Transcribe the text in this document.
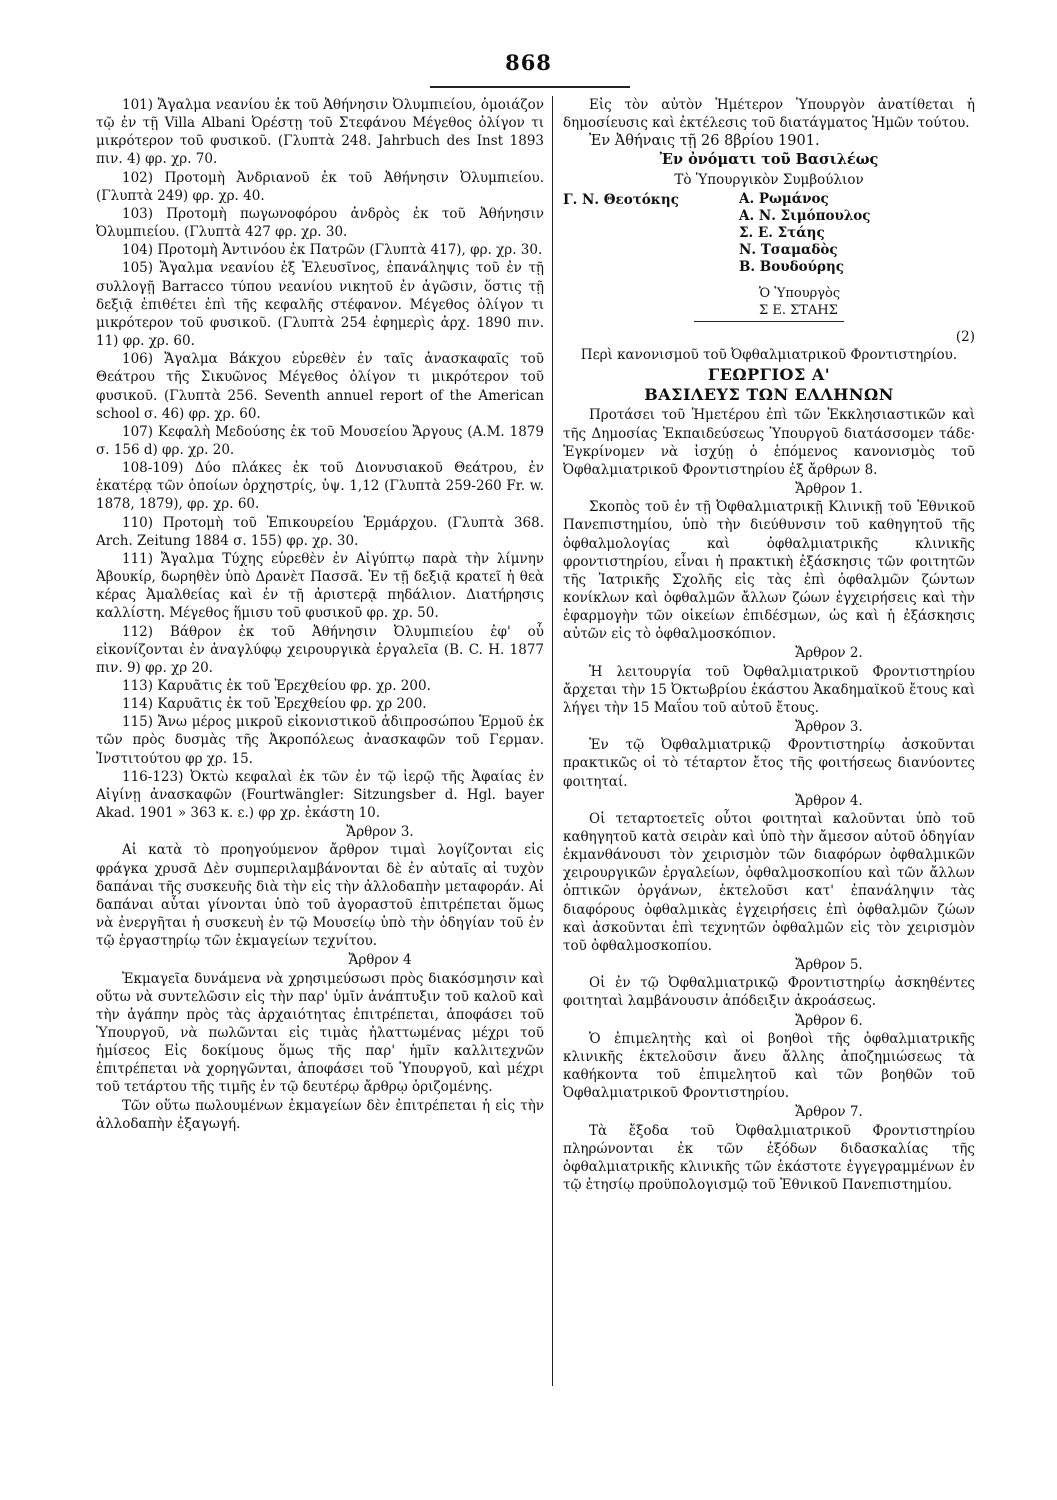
868

101) Ἄγαλμα νεανίου ἐκ τοῦ Ἀθήνησιν Ὀλυμπιείου, ὁμοιάζον τῷ ἐν τῇ Villa Albani Ὀρέστῃ τοῦ Στεφάνου Μέγεθος ὀλίγον τι μικρότερον τοῦ φυσικοῦ. (Γλυπτὰ 248. Jahrbuch des Inst 1893 πιν. 4) φρ. χρ. 70.

102) Προτομὴ Ἀνδριανοῦ ἐκ τοῦ Ἀθήνησιν Ὀλυμπιείου. (Γλυπτὰ 249) φρ. χρ. 40.

103) Προτομὴ πωγωνοφόρου ἀνδρὸς ἐκ τοῦ Ἀθήνησιν Ὀλυμπιείου. (Γλυπτὰ 427 φρ. χρ. 30.

104) Προτομὴ Ἀντινόου ἐκ Πατρῶν (Γλυπτὰ 417), φρ. χρ. 30.

105) Ἄγαλμα νεανίου ἐξ Ἐλευσῖνος, ἐπανάληψις τοῦ ἐν τῇ συλλογῇ Barracco τύπου νεανίου νικητοῦ ἐν ἀγῶσιν, ὅστις τῇ δεξιᾷ ἐπιθέτει ἐπὶ τῆς κεφαλῆς στέφανον. Μέγεθος ὀλίγον τι μικρότερον τοῦ φυσικοῦ. (Γλυπτὰ 254 ἐφημερὶς ἀρχ. 1890 πιν. 11) φρ. χρ. 60.

106) Ἄγαλμα Βάκχου εὑρεθὲν ἐν ταῖς ἀνασκαφαῖς τοῦ Θεάτρου τῆς Σικυῶνος Μέγεθος ὀλίγον τι μικρότερον τοῦ φυσικοῦ. (Γλυπτὰ 256. Seventh annuel report of the American school σ. 46) φρ. χρ. 60.

107) Κεφαλὴ Μεδούσης ἐκ τοῦ Μουσείου Ἄργους (Α.Μ. 1879 σ. 156 d) φρ. χρ. 20.

108-109) Δύο πλάκες ἐκ τοῦ Διονυσιακοῦ Θεάτρου, ἐν ἑκατέρᾳ τῶν ὁποίων ὀρχηστρίς, ὑψ. 1,12 (Γλυπτὰ 259-260 Fr. w. 1878, 1879), φρ. χρ. 60.

110) Προτομὴ τοῦ Ἐπικουρείου Ἑρμάρχου. (Γλυπτὰ 368. Arch. Zeitung 1884 σ. 155) φρ. χρ. 30.

111) Ἄγαλμα Τύχης εὑρεθὲν ἐν Αἰγύπτῳ παρὰ τὴν λίμνην Ἀβουκίρ, δωρηθὲν ὑπὸ Δρανὲτ Πασσᾶ. Ἐν τῇ δεξιᾷ κρατεῖ ἡ θεὰ κέρας Ἀμαλθείας καὶ ἐν τῇ ἀριστερᾷ πηδάλιον. Διατήρησις καλλίστη. Μέγεθος ἥμισυ τοῦ φυσικοῦ φρ. χρ. 50.

112) Βάθρον ἐκ τοῦ Ἀθήνησιν Ὀλυμπιείου ἐφ' οὗ εἰκονίζονται ἐν ἀναγλύφῳ χειρουργικὰ ἐργαλεῖα (Β. C. H. 1877 πιν. 9) φρ. χρ 20.

113) Καρυᾶτις ἐκ τοῦ Ἐρεχθείου φρ. χρ. 200.

114) Καρυᾶτις ἐκ τοῦ Ἐρεχθείου φρ. χρ 200.

115) Ἄνω μέρος μικροῦ εἰκονιστικοῦ ἀδιπροσώπου Ἑρμοῦ ἐκ τῶν πρὸς δυσμὰς τῆς Ἀκροπόλεως ἀνασκαφῶν τοῦ Γερμαν. Ἰνστιτούτου φρ χρ. 15.

116-123) Ὀκτὼ κεφαλαὶ ἐκ τῶν ἐν τῷ ἱερῷ τῆς Ἀφαίας ἐν Αἰγίνῃ ἀνασκαφῶν (Fourtwängler: Sitzungsber d. Hgl. bayer Akad. 1901 » 363 κ. ε.) φρ χρ. ἑκάστη 10.

Ἄρθρον 3.

Αἱ κατὰ τὸ προηγούμενον ἄρθρον τιμαὶ λογίζονται εἰς φράγκα χρυσᾶ Δὲν συμπεριλαμβάνονται δὲ ἐν αὐταῖς αἱ τυχὸν δαπάναι τῆς συσκευῆς διὰ τὴν εἰς τὴν ἀλλοδαπὴν μεταφοράν. Αἱ δαπάναι αὗται γίνονται ὑπὸ τοῦ ἀγοραστοῦ ἐπιτρέπεται ὅμως νὰ ἐνεργῆται ἡ συσκευὴ ἐν τῷ Μουσείῳ ὑπὸ τὴν ὁδηγίαν τοῦ ἐν τῷ ἐργαστηρίῳ τῶν ἐκμαγείων τεχνίτου.

Ἄρθρον 4

Ἐκμαγεῖα δυνάμενα νὰ χρησιμεύσωσι πρὸς διακόσμησιν καὶ οὕτω νὰ συντελῶσιν εἰς τὴν παρ' ὑμῖν ἀνάπτυξιν τοῦ καλοῦ καὶ τὴν ἀγάπην πρὸς τὰς ἀρχαιότητας ἐπιτρέπεται, ἀποφάσει τοῦ Ὑπουργοῦ, νὰ πωλῶνται εἰς τιμὰς ἠλαττωμένας μέχρι τοῦ ἡμίσεος Εἰς δοκίμους ὅμως τῆς παρ' ἡμῖν καλλιτεχνῶν ἐπιτρέπεται νὰ χορηγῶνται, ἀποφάσει τοῦ Ὑπουργοῦ, καὶ μέχρι τοῦ τετάρτου τῆς τιμῆς ἐν τῷ δευτέρῳ ἄρθρῳ ὁριζομένης.

Τῶν οὕτω πωλουμένων ἐκμαγείων δὲν ἐπιτρέπεται ἡ εἰς τὴν ἀλλοδαπὴν ἐξαγωγή.

Εἰς τὸν αὐτὸν Ἡμέτερον Ὑπουργὸν ἀνατίθεται ἡ δημοσίευσις καὶ ἐκτέλεσις τοῦ διατάγματος Ἡμῶν τούτου.

Ἐν Ἀθήναις τῇ 26 8βρίου 1901.

Ἐν ὀνόματι τοῦ Βασιλέως

Τὸ Ὑπουργικὸν Συμβούλιον

Γ. Ν. Θεοτόκης	Α. Ρωμάνος
Α. Ν. Σιμόπουλος
Σ. Ε. Στάης
Ν. Τσαμαδὸς
Β. Βουδούρης
Ὁ Ὑπουργὸς
Σ Ε. ΣΤΑΗΣ

(2)

Περὶ κανονισμοῦ τοῦ Ὀφθαλμιατρικοῦ Φροντιστηρίου.

ΓΕΩΡΓΙΟΣ Α'

ΒΑΣΙΛΕΥΣ ΤΩΝ ΕΛΛΗΝΩΝ

Προτάσει τοῦ Ἡμετέρου ἐπὶ τῶν Ἐκκλησιαστικῶν καὶ τῆς Δημοσίας Ἐκπαιδεύσεως Ὑπουργοῦ διατάσσομεν τάδε· Ἐγκρίνομεν νὰ ἰσχύῃ ὁ ἑπόμενος κανονισμὸς τοῦ Ὀφθαλμιατρικοῦ Φροντιστηρίου ἐξ ἄρθρων 8.

Ἄρθρον 1.

Σκοπὸς τοῦ ἐν τῇ Ὀφθαλμιατρικῇ Κλινικῇ τοῦ Ἐθνικοῦ Πανεπιστημίου, ὑπὸ τὴν διεύθυνσιν τοῦ καθηγητοῦ τῆς ὀφθαλμολογίας καὶ ὀφθαλμιατρικῆς κλινικῆς φροντιστηρίου, εἶναι ἡ πρακτικὴ ἐξάσκησις τῶν φοιτητῶν τῆς Ἰατρικῆς Σχολῆς εἰς τὰς ἐπὶ ὀφθαλμῶν ζώντων κονίκλων καὶ ὀφθαλμῶν ἄλλων ζώων ἐγχειρήσεις καὶ τὴν ἐφαρμογὴν τῶν οἰκείων ἐπιδέσμων, ὡς καὶ ἡ ἐξάσκησις αὐτῶν εἰς τὸ ὀφθαλμοσκόπιον.

Ἄρθρον 2.

Ἡ λειτουργία τοῦ Ὀφθαλμιατρικοῦ Φροντιστηρίου ἄρχεται τὴν 15 Ὀκτωβρίου ἑκάστου Ἀκαδημαϊκοῦ ἔτους καὶ λήγει τὴν 15 Μαΐου τοῦ αὐτοῦ ἔτους.

Ἄρθρον 3.

Ἐν τῷ Ὀφθαλμιατρικῷ Φροντιστηρίῳ ἀσκοῦνται πρακτικῶς οἱ τὸ τέταρτον ἔτος τῆς φοιτήσεως διανύοντες φοιτηταί.

Ἄρθρον 4.

Οἱ τεταρτοετεῖς οὗτοι φοιτηταὶ καλοῦνται ὑπὸ τοῦ καθηγητοῦ κατὰ σειρὰν καὶ ὑπὸ τὴν ἄμεσον αὐτοῦ ὁδηγίαν ἐκμανθάνουσι τὸν χειρισμὸν τῶν διαφόρων ὀφθαλμικῶν χειρουργικῶν ἐργαλείων, ὀφθαλμοσκοπίου καὶ τῶν ἄλλων ὀπτικῶν ὀργάνων, ἐκτελοῦσι κατ' ἐπανάληψιν τὰς διαφόρους ὀφθαλμικὰς ἐγχειρήσεις ἐπὶ ὀφθαλμῶν ζώων καὶ ἀσκοῦνται ἐπὶ τεχνητῶν ὀφθαλμῶν εἰς τὸν χειρισμὸν τοῦ ὀφθαλμοσκοπίου.

Ἄρθρον 5.

Οἱ ἐν τῷ Ὀφθαλμιατρικῷ Φροντιστηρίῳ ἀσκηθέντες φοιτηταὶ λαμβάνουσιν ἀπόδειξιν ἀκροάσεως.

Ἄρθρον 6.

Ὁ ἐπιμελητὴς καὶ οἱ βοηθοὶ τῆς ὀφθαλμιατρικῆς κλινικῆς ἐκτελοῦσιν ἄνευ ἄλλης ἀποζημιώσεως τὰ καθήκοντα τοῦ ἐπιμελητοῦ καὶ τῶν βοηθῶν τοῦ Ὀφθαλμιατρικοῦ Φροντιστηρίου.

Ἄρθρον 7.

Τὰ ἔξοδα τοῦ Ὀφθαλμιατρικοῦ Φροντιστηρίου πληρώνονται ἐκ τῶν ἐξόδων διδασκαλίας τῆς ὀφθαλμιατρικῆς κλινικῆς τῶν ἑκάστοτε ἐγγεγραμμένων ἐν τῷ ἐτησίῳ προϋπολογισμῷ τοῦ Ἐθνικοῦ Πανεπιστημίου.
